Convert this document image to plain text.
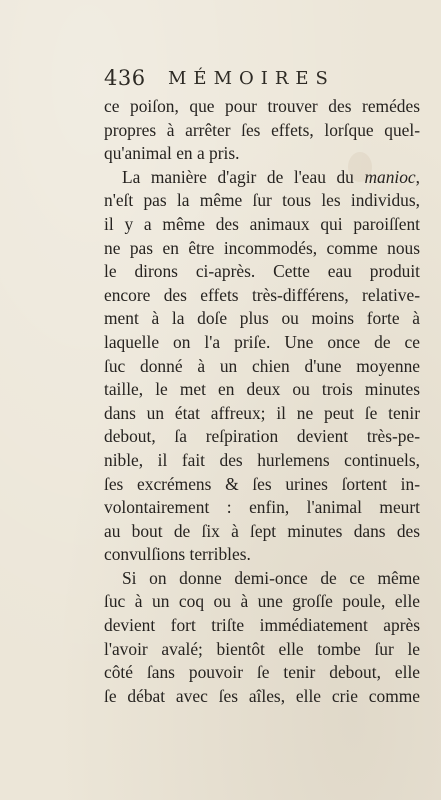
436 MÉMOIRES
ce poiſon, que pour trouver des remédes
propres à arrêter ſes effets, lorſque quel-
qu'animal en a pris.
La manière d'agir de l'eau du manioc,
n'eſt pas la même ſur tous les individus,
il y a même des animaux qui paroiſſent
ne pas en être incommodés, comme nous
le dirons ci-après. Cette eau produit
encore des effets très-différens, relative-
ment à la doſe plus ou moins forte à
laquelle on l'a priſe. Une once de ce
ſuc donné à un chien d'une moyenne
taille, le met en deux ou trois minutes
dans un état affreux; il ne peut ſe tenir
debout, ſa reſpiration devient très-pe-
nible, il fait des hurlemens continuels,
ſes excrémens & ſes urines ſortent in-
volontairement : enfin, l'animal meurt
au bout de ſix à ſept minutes dans des
convulſions terribles.
Si on donne demi-once de ce même
ſuc à un coq ou à une groſſe poule, elle
devient fort triſte immédiatement après
l'avoir avalé; bientôt elle tombe ſur le
côté ſans pouvoir ſe tenir debout, elle
ſe débat avec ſes aîles, elle crie comme
